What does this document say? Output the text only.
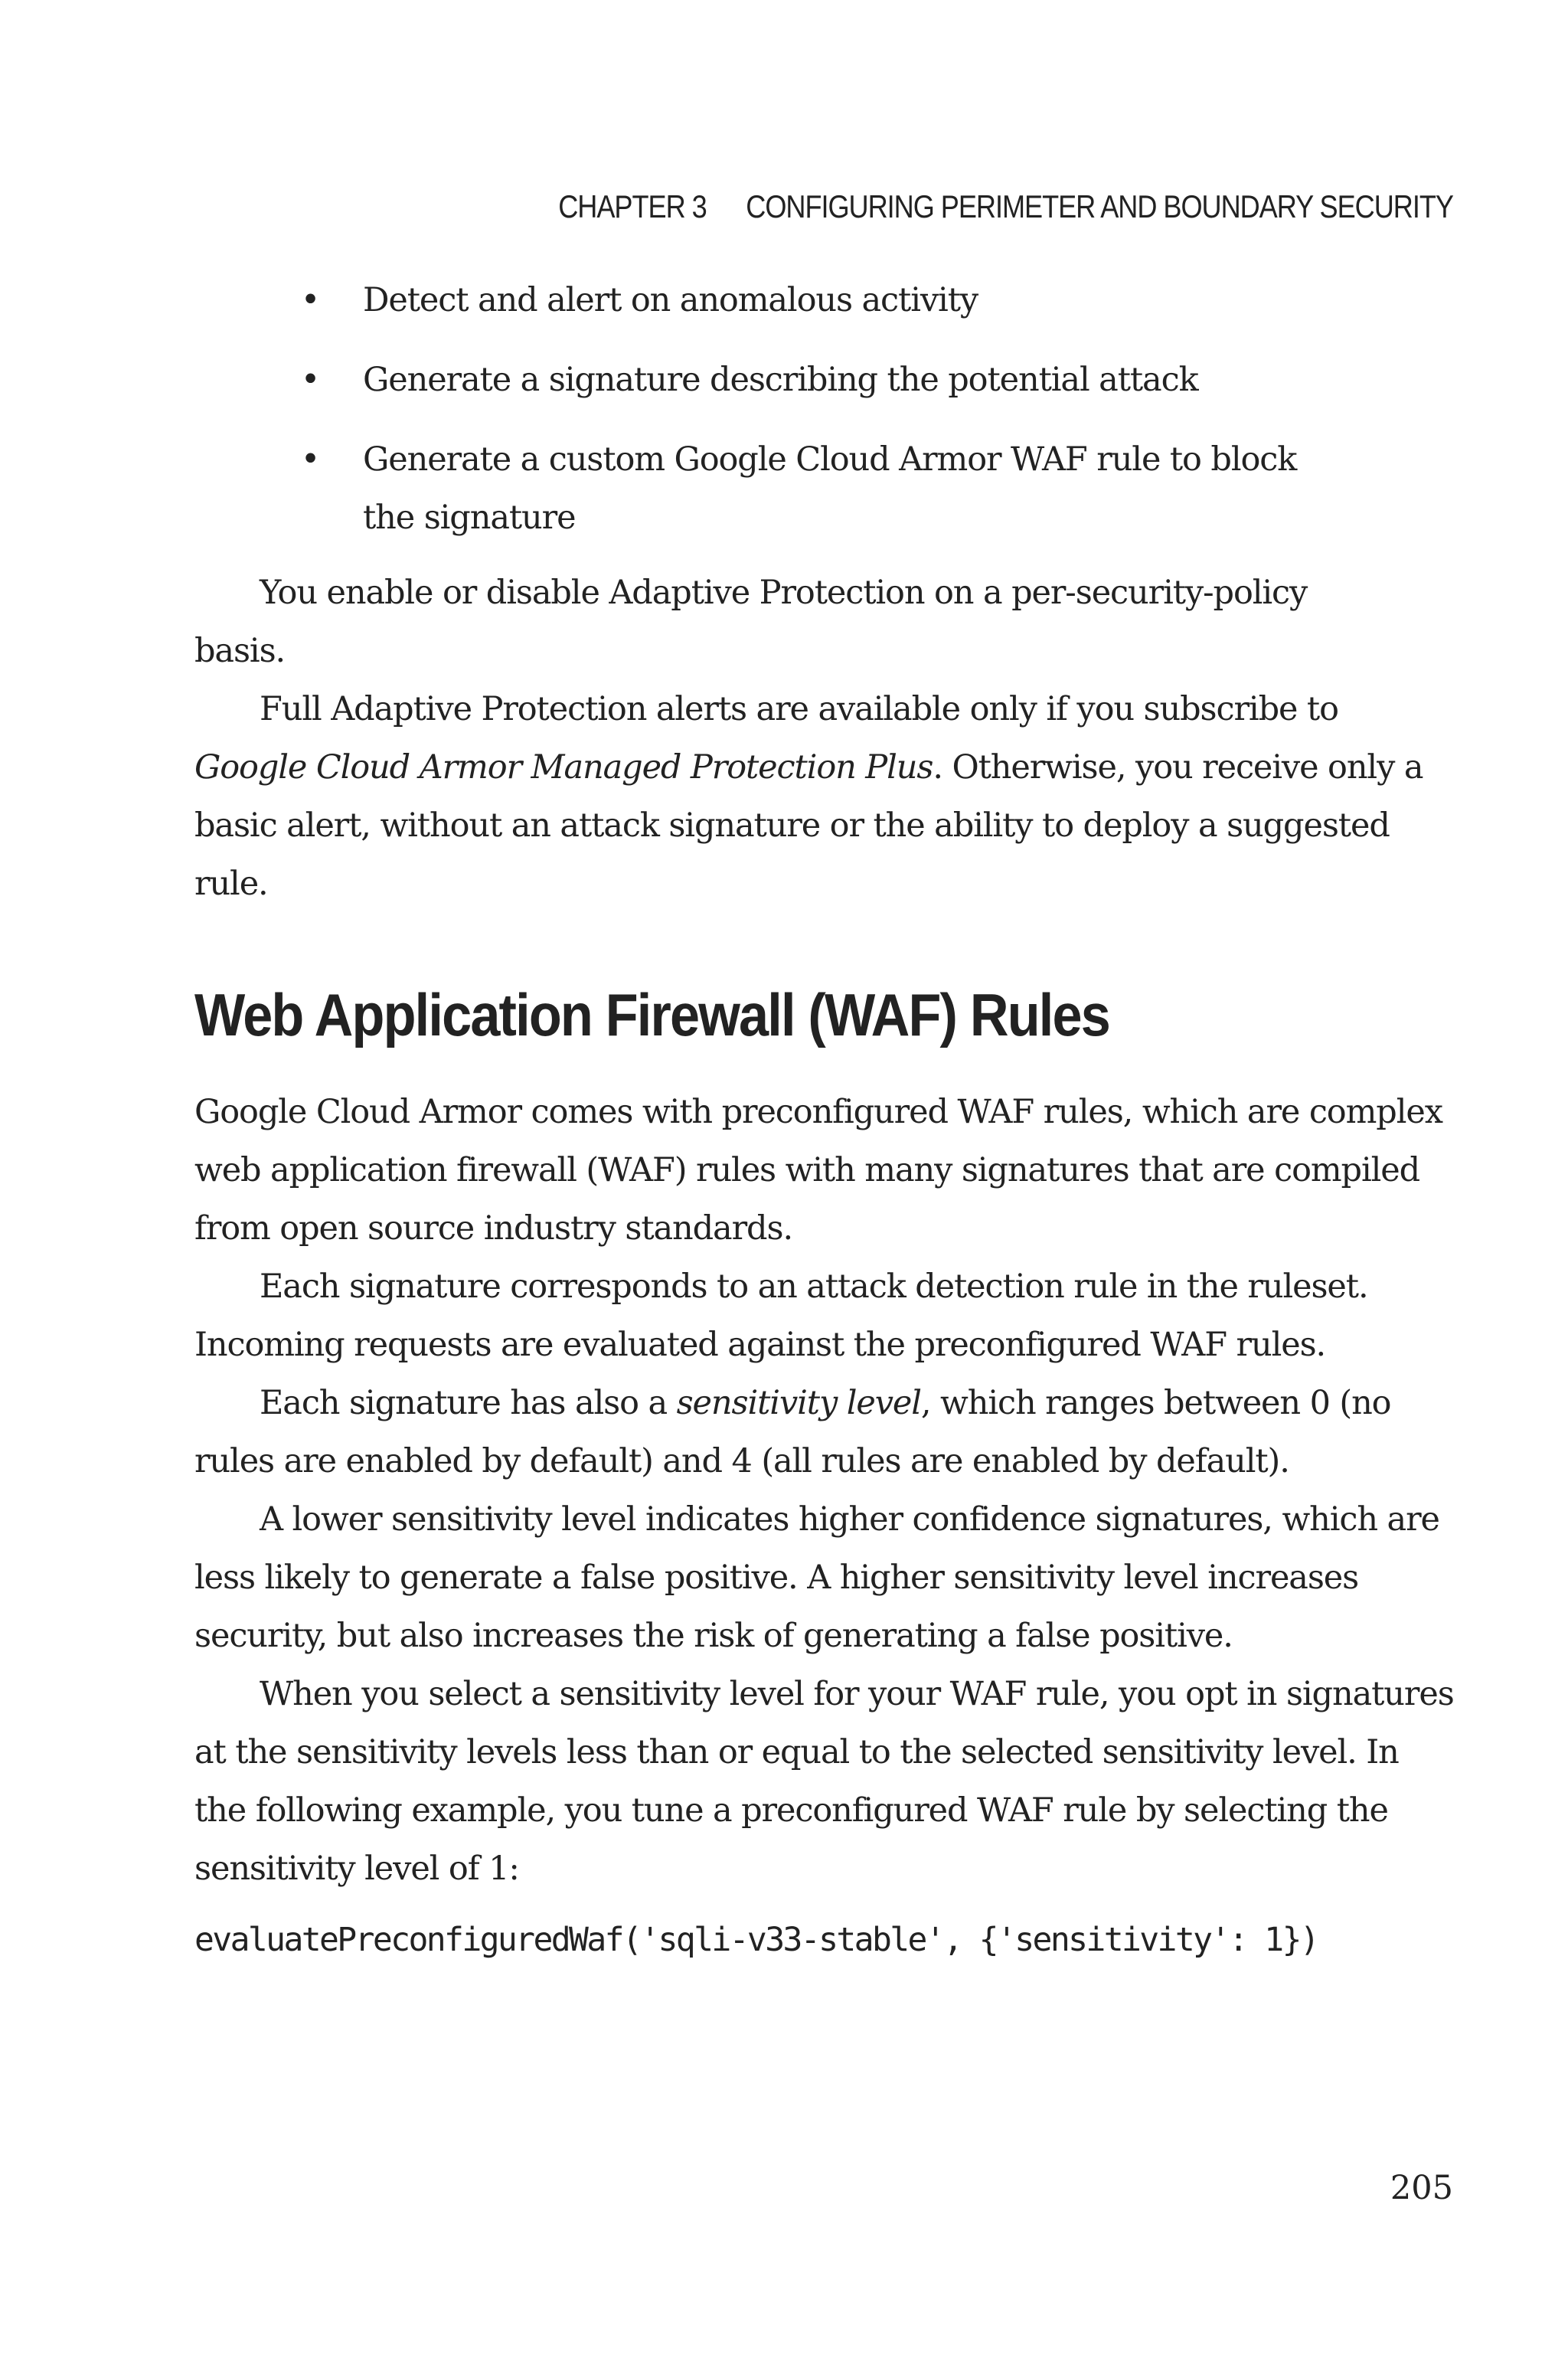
CHAPTER 3 CONFIGURING PERIMETER AND BOUNDARY SECURITY
• Detect and alert on anomalous activity
• Generate a signature describing the potential attack
• Generate a custom Google Cloud Armor WAF rule to block the signature

You enable or disable Adaptive Protection on a per-security-policy basis.

Full Adaptive Protection alerts are available only if you subscribe to Google Cloud Armor Managed Protection Plus. Otherwise, you receive only a basic alert, without an attack signature or the ability to deploy a suggested rule.

Web Application Firewall (WAF) Rules

Google Cloud Armor comes with preconfigured WAF rules, which are complex web application firewall (WAF) rules with many signatures that are compiled from open source industry standards.

Each signature corresponds to an attack detection rule in the ruleset. Incoming requests are evaluated against the preconfigured WAF rules.

Each signature has also a sensitivity level, which ranges between 0 (no rules are enabled by default) and 4 (all rules are enabled by default).

A lower sensitivity level indicates higher confidence signatures, which are less likely to generate a false positive. A higher sensitivity level increases security, but also increases the risk of generating a false positive.

When you select a sensitivity level for your WAF rule, you opt in signatures at the sensitivity levels less than or equal to the selected sensitivity level. In the following example, you tune a preconfigured WAF rule by selecting the sensitivity level of 1:

evaluatePreconfiguredWaf('sqli-v33-stable', {'sensitivity': 1})
205
